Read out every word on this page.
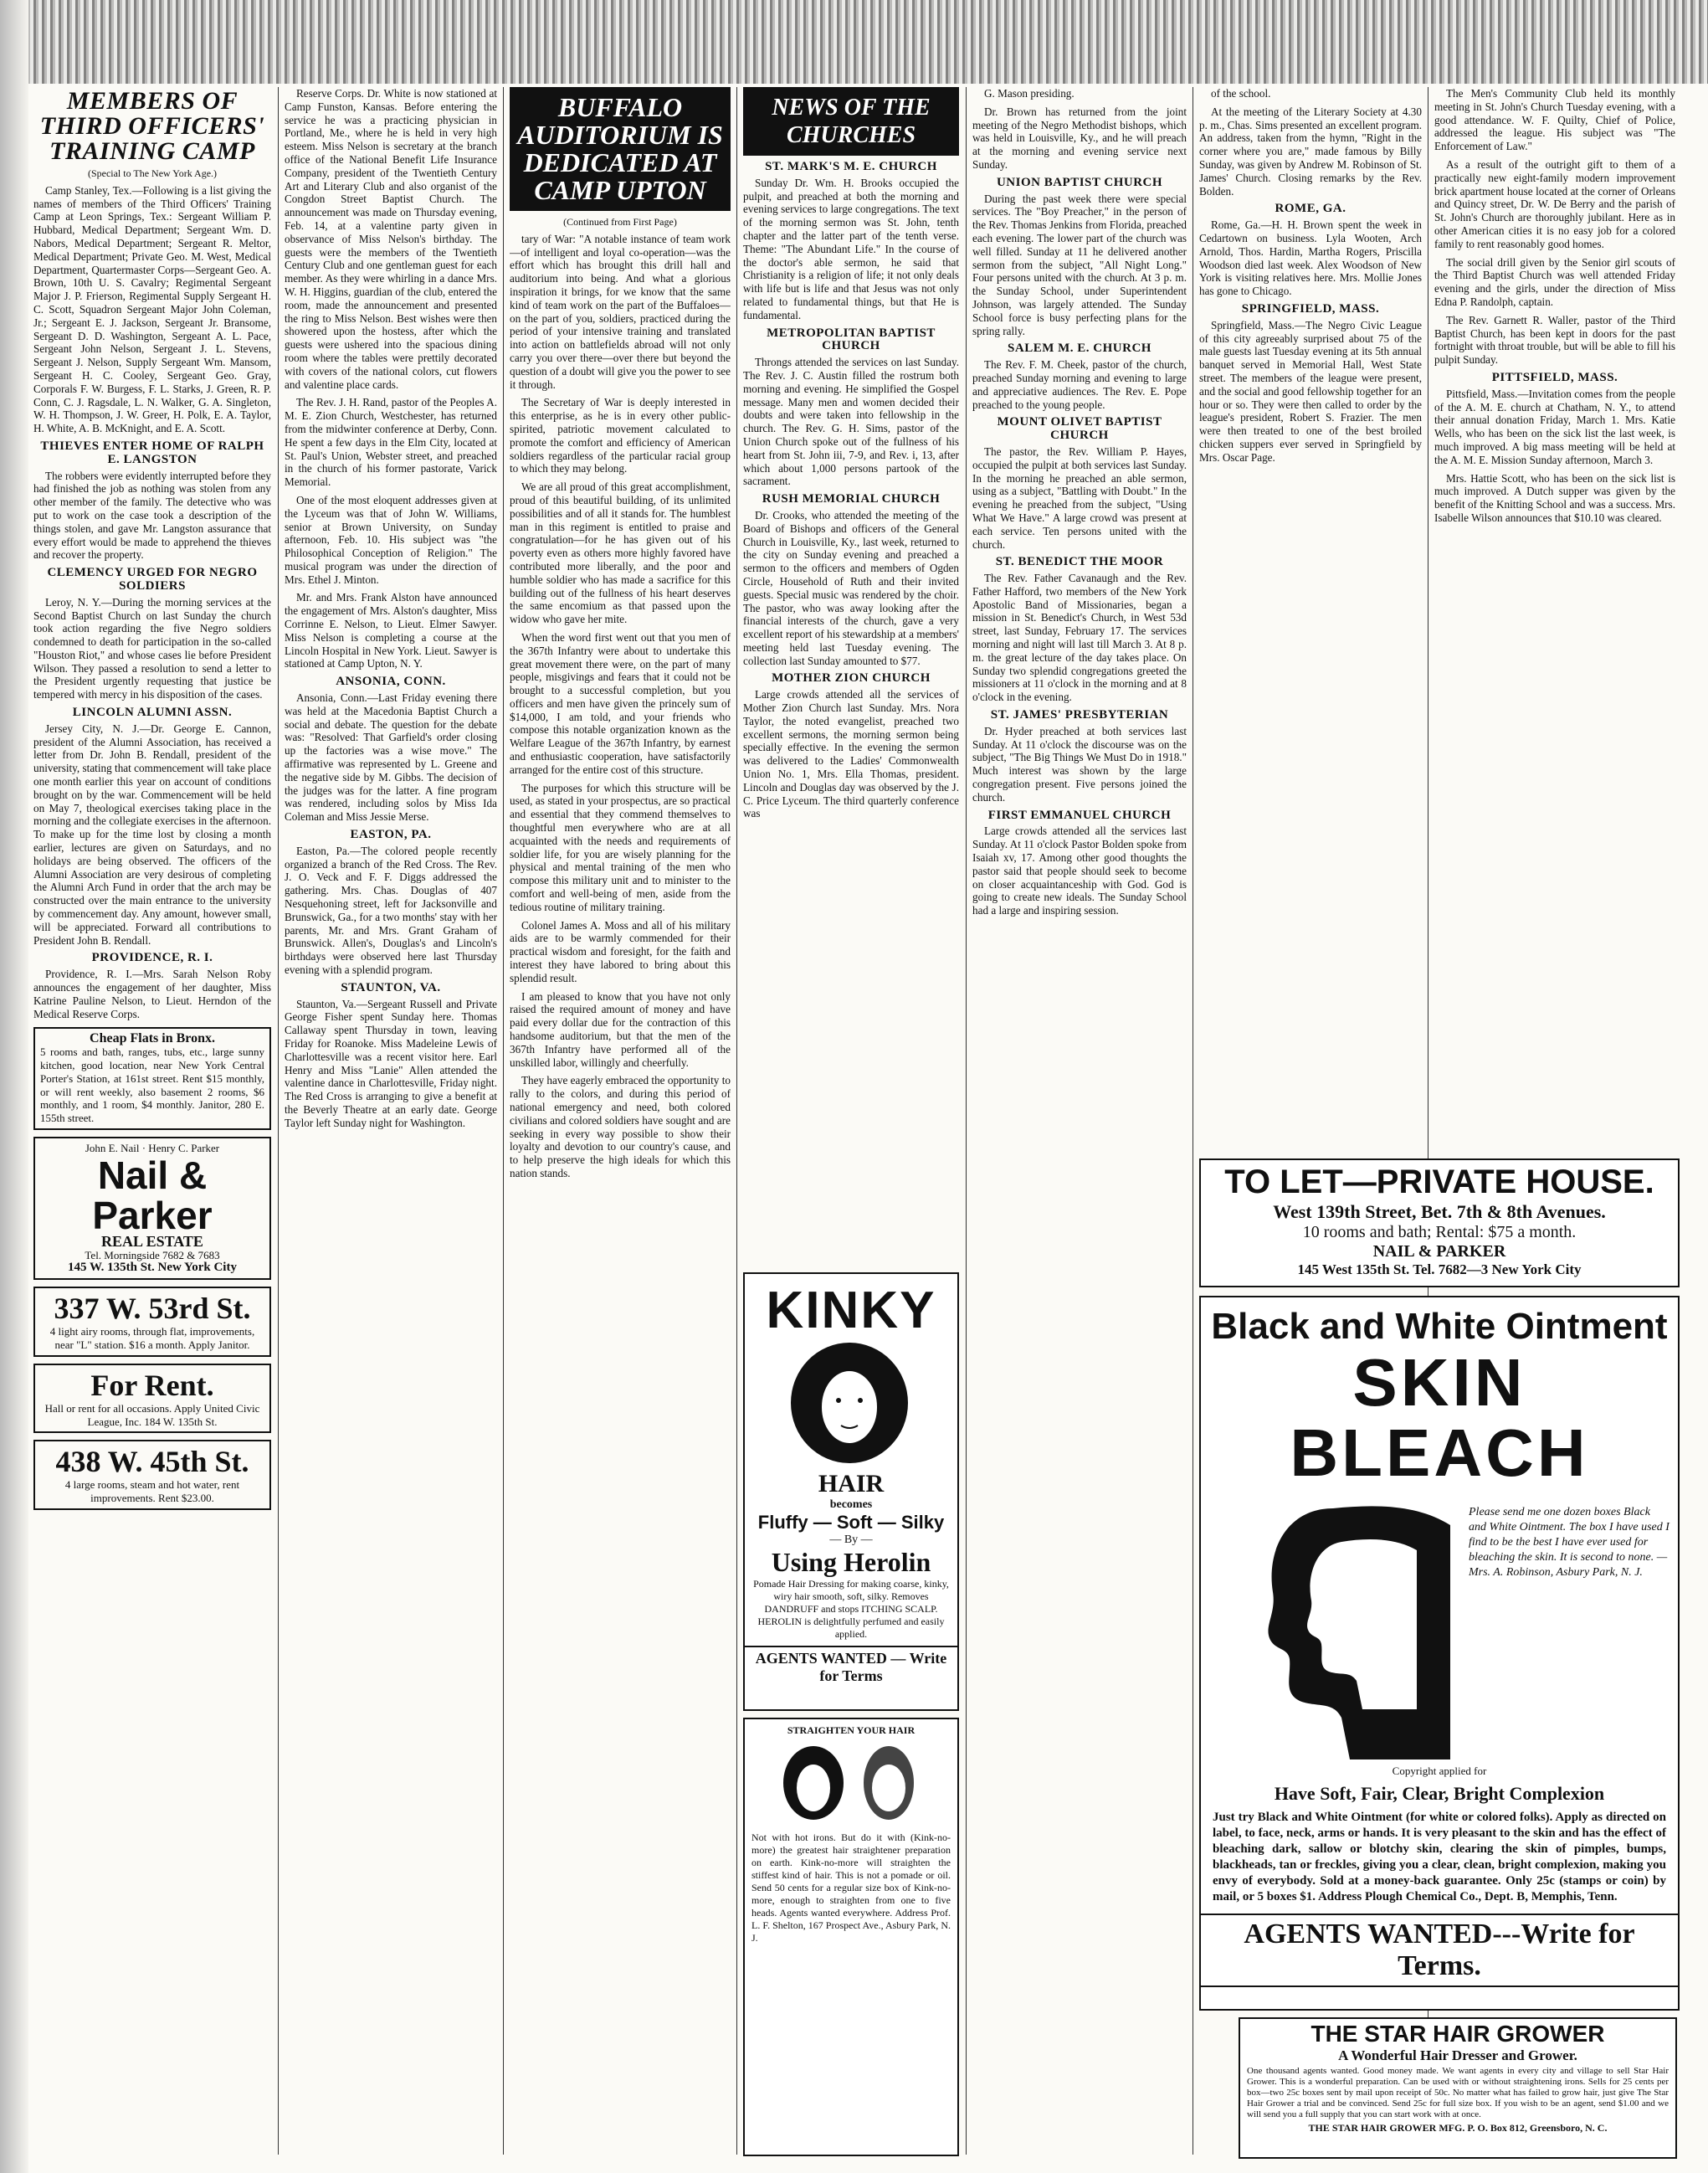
MEMBERS OF THIRD OFFICERS' TRAINING CAMP
(Special to The New York Age.)

Camp Stanley, Tex.—Following is a list giving the names of members of the Third Officers' Training Camp at Leon Springs, Tex.: Sergeant William P. Hubbard, Medical Department; Sergeant Wm. D. Nabors, Medical Department; Sergeant R. Meltor, Medical Department; Private Geo. M. West, Medical Department, Quartermaster Corps—Sergeant Geo. A. Brown, 10th U. S. Cavalry; Regimental Sergeant Major J. P. Frierson, Regimental Supply Sergeant H. C. Scott, Squadron Sergeant Major John Coleman, Jr.; Sergeant E. J. Jackson, Sergeant Jr. Bransome, Sergeant D. D. Washington, Sergeant A. L. Pace, Sergeant John Nelson, Sergeant J. L. Stevens, Sergeant J. Nelson, Supply Sergeant Wm. Mansom, Sergeant H. C. Cooley, Sergeant Geo. Gray, Corporals F. W. Burgess, F. L. Starks, J. Green, R. P. Conn, C. J. Ragsdale, L. N. Walker, G. A. Singleton, W. H. Thompson, J. W. Greer, H. Polk, E. A. Taylor, H. White, A. B. McKnight, and E. A. Scott.

THIEVES ENTER HOME OF RALPH E. LANGSTON

The robbers were evidently interrupted before they had finished the job as nothing was stolen from any other member of the family. The detective who was put to work on the case took a description of the things stolen, and gave Mr. Langston assurance that every effort would be made to apprehend the thieves and recover the property.

CLEMENCY URGED FOR NEGRO SOLDIERS

Leroy, N. Y.—During the morning services at the Second Baptist Church on last Sunday the church took action regarding the five Negro soldiers condemned to death for participation in the so-called "Houston Riot," and whose cases lie before President Wilson. They passed a resolution to send a letter to the President urgently requesting that justice be tempered with mercy in his disposition of the cases.

LINCOLN ALUMNI ASSN.

Jersey City, N. J.—Dr. George E. Cannon, president of the Alumni Association, has received a letter from Dr. John B. Rendall, president of the university, stating that commencement will take place one month earlier this year on account of conditions brought on by the war. Commencement will be held on May 7, theological exercises taking place in the morning and the collegiate exercises in the afternoon. To make up for the time lost by closing a month earlier, lectures are given on Saturdays, and no holidays are being observed. The officers of the Alumni Association are very desirous of completing the Alumni Arch Fund in order that the arch may be constructed over the main entrance to the university by commencement day. Any amount, however small, will be appreciated. Forward all contributions to President John B. Rendall.

PROVIDENCE, R. I.

Providence, R. I.—Mrs. Sarah Nelson Roby announces the engagement of her daughter, Miss Katrine Pauline Nelson, to Lieut. Herndon of the Medical Reserve Corps.

Cheap Flats in Bronx.
5 rooms and bath, ranges, tubs, etc., large sunny kitchen, good location, near New York Central Porter's Station, at 161st street. Rent $15 monthly, or will rent weekly, also basement 2 rooms, $6 monthly, and 1 room, $4 monthly. Janitor, 280 E. 155th street.
John E. Nail · Henry C. Parker
Nail & Parker
REAL ESTATE
Tel. Morningside 7682 & 7683
145 W. 135th St. New York City
337 W. 53rd St.
4 light airy rooms, through flat, improvements, near "L" station. $16 a month. Apply Janitor.
For Rent.
Hall or rent for all occasions. Apply United Civic League, Inc. 184 W. 135th St.
438 W. 45th St.
4 large rooms, steam and hot water, rent improvements. Rent $23.00.

Reserve Corps. Dr. White is now stationed at Camp Funston, Kansas. Before entering the service he was a practicing physician in Portland, Me., where he is held in very high esteem. Miss Nelson is secretary at the branch office of the National Benefit Life Insurance Company, president of the Twentieth Century Art and Literary Club and also organist of the Congdon Street Baptist Church. The announcement was made on Thursday evening, Feb. 14, at a valentine party given in observance of Miss Nelson's birthday. The guests were the members of the Twentieth Century Club and one gentleman guest for each member. As they were whirling in a dance Mrs. W. H. Higgins, guardian of the club, entered the room, made the announcement and presented the ring to Miss Nelson. Best wishes were then showered upon the hostess, after which the guests were ushered into the spacious dining room where the tables were prettily decorated with covers of the national colors, cut flowers and valentine place cards.

The Rev. J. H. Rand, pastor of the Peoples A. M. E. Zion Church, Westchester, has returned from the midwinter conference at Derby, Conn. He spent a few days in the Elm City, located at St. Paul's Union, Webster street, and preached in the church of his former pastorate, Varick Memorial.

One of the most eloquent addresses given at the Lyceum was that of John W. Williams, senior at Brown University, on Sunday afternoon, Feb. 10. His subject was "the Philosophical Conception of Religion." The musical program was under the direction of Mrs. Ethel J. Minton.

Mr. and Mrs. Frank Alston have announced the engagement of Mrs. Alston's daughter, Miss Corrinne E. Nelson, to Lieut. Elmer Sawyer. Miss Nelson is completing a course at the Lincoln Hospital in New York. Lieut. Sawyer is stationed at Camp Upton, N. Y.

ANSONIA, CONN.

Ansonia, Conn.—Last Friday evening there was held at the Macedonia Baptist Church a social and debate. The question for the debate was: "Resolved: That Garfield's order closing up the factories was a wise move." The affirmative was represented by L. Greene and the negative side by M. Gibbs. The decision of the judges was for the latter. A fine program was rendered, including solos by Miss Ida Coleman and Miss Jessie Merse.

EASTON, PA.

Easton, Pa.—The colored people recently organized a branch of the Red Cross. The Rev. J. O. Veck and F. F. Diggs addressed the gathering. Mrs. Chas. Douglas of 407 Nesquehoning street, left for Jacksonville and Brunswick, Ga., for a two months' stay with her parents, Mr. and Mrs. Grant Graham of Brunswick. Allen's, Douglas's and Lincoln's birthdays were observed here last Thursday evening with a splendid program.

STAUNTON, VA.

Staunton, Va.—Sergeant Russell and Private George Fisher spent Sunday here. Thomas Callaway spent Thursday in town, leaving Friday for Roanoke. Miss Madeleine Lewis of Charlottesville was a recent visitor here. Earl Henry and Miss "Lanie" Allen attended the valentine dance in Charlottesville, Friday night. The Red Cross is arranging to give a benefit at the Beverly Theatre at an early date. George Taylor left Sunday night for Washington.

BUFFALO AUDITORIUM IS DEDICATED AT CAMP UPTON
(Continued from First Page)

tary of War: "A notable instance of team work—of intelligent and loyal co-operation—was the effort which has brought this drill hall and auditorium into being. And what a glorious inspiration it brings, for we know that the same kind of team work on the part of the Buffaloes—on the part of you, soldiers, practiced during the period of your intensive training and translated into action on battlefields abroad will not only carry you over there—over there but beyond the question of a doubt will give you the power to see it through.

The Secretary of War is deeply interested in this enterprise, as he is in every other public-spirited, patriotic movement calculated to promote the comfort and efficiency of American soldiers regardless of the particular racial group to which they may belong.

We are all proud of this great accomplishment, proud of this beautiful building, of its unlimited possibilities and of all it stands for. The humblest man in this regiment is entitled to praise and congratulation—for he has given out of his poverty even as others more highly favored have contributed more liberally, and the poor and humble soldier who has made a sacrifice for this building out of the fullness of his heart deserves the same encomium as that passed upon the widow who gave her mite.

When the word first went out that you men of the 367th Infantry were about to undertake this great movement there were, on the part of many people, misgivings and fears that it could not be brought to a successful completion, but you officers and men have given the princely sum of $14,000, I am told, and your friends who compose this notable organization known as the Welfare League of the 367th Infantry, by earnest and enthusiastic cooperation, have satisfactorily arranged for the entire cost of this structure.

The purposes for which this structure will be used, as stated in your prospectus, are so practical and essential that they commend themselves to thoughtful men everywhere who are at all acquainted with the needs and requirements of soldier life, for you are wisely planning for the physical and mental training of the men who compose this military unit and to minister to the comfort and well-being of men, aside from the tedious routine of military training.

Colonel James A. Moss and all of his military aids are to be warmly commended for their practical wisdom and foresight, for the faith and interest they have labored to bring about this splendid result.

I am pleased to know that you have not only raised the required amount of money and have paid every dollar due for the contraction of this handsome auditorium, but that the men of the 367th Infantry have performed all of the unskilled labor, willingly and cheerfully.

They have eagerly embraced the opportunity to rally to the colors, and during this period of national emergency and need, both colored civilians and colored soldiers have sought and are seeking in every way possible to show their loyalty and devotion to our country's cause, and to help preserve the high ideals for which this nation stands.

NEWS OF THE CHURCHES
ST. MARK'S M. E. CHURCH

Sunday Dr. Wm. H. Brooks occupied the pulpit, and preached at both the morning and evening services to large congregations. The text of the morning sermon was St. John, tenth chapter and the latter part of the tenth verse. Theme: "The Abundant Life." In the course of the doctor's able sermon, he said that Christianity is a religion of life; it not only deals with life but is life and that Jesus was not only related to fundamental things, but that He is fundamental.

METROPOLITAN BAPTIST CHURCH

Throngs attended the services on last Sunday. The Rev. J. C. Austin filled the rostrum both morning and evening. He simplified the Gospel message. Many men and women decided their doubts and were taken into fellowship in the church. The Rev. G. H. Sims, pastor of the Union Church spoke out of the fullness of his heart from St. John iii, 7-9, and Rev. i, 13, after which about 1,000 persons partook of the sacrament.

RUSH MEMORIAL CHURCH

Dr. Crooks, who attended the meeting of the Board of Bishops and officers of the General Church in Louisville, Ky., last week, returned to the city on Sunday evening and preached a sermon to the officers and members of Ogden Circle, Household of Ruth and their invited guests. Special music was rendered by the choir. The pastor, who was away looking after the financial interests of the church, gave a very excellent report of his stewardship at a members' meeting held last Tuesday evening. The collection last Sunday amounted to $77.

MOTHER ZION CHURCH

Large crowds attended all the services of Mother Zion Church last Sunday. Mrs. Nora Taylor, the noted evangelist, preached two excellent sermons, the morning sermon being specially effective. In the evening the sermon was delivered to the Ladies' Commonwealth Union No. 1, Mrs. Ella Thomas, president. Lincoln and Douglas day was observed by the J. C. Price Lyceum. The third quarterly conference was

KINKY
HAIR
becomes
Fluffy — Soft — Silky
— By —
Using Herolin
Pomade Hair Dressing for making coarse, kinky, wiry hair smooth, soft, silky. Removes DANDRUFF and stops ITCHING SCALP. HEROLIN is delightfully perfumed and easily applied.
AGENTS WANTED — Write for Terms
STRAIGHTEN YOUR HAIR
Not with hot irons. But do it with (Kink-no-more) the greatest hair straightener preparation on earth. Kink-no-more will straighten the stiffest kind of hair. This is not a pomade or oil. Send 50 cents for a regular size box of Kink-no-more, enough to straighten from one to five heads. Agents wanted everywhere. Address Prof. L. F. Shelton, 167 Prospect Ave., Asbury Park, N. J.

G. Mason presiding.

Dr. Brown has returned from the joint meeting of the Negro Methodist bishops, which was held in Louisville, Ky., and he will preach at the morning and evening service next Sunday.

UNION BAPTIST CHURCH

During the past week there were special services. The "Boy Preacher," in the person of the Rev. Thomas Jenkins from Florida, preached each evening. The lower part of the church was well filled. Sunday at 11 he delivered another sermon from the subject, "All Night Long." Four persons united with the church. At 3 p. m. the Sunday School, under Superintendent Johnson, was largely attended. The Sunday School force is busy perfecting plans for the spring rally.

SALEM M. E. CHURCH

The Rev. F. M. Cheek, pastor of the church, preached Sunday morning and evening to large and appreciative audiences. The Rev. E. Pope preached to the young people.

MOUNT OLIVET BAPTIST CHURCH

The pastor, the Rev. William P. Hayes, occupied the pulpit at both services last Sunday. In the morning he preached an able sermon, using as a subject, "Battling with Doubt." In the evening he preached from the subject, "Using What We Have." A large crowd was present at each service. Ten persons united with the church.

ST. BENEDICT THE MOOR

The Rev. Father Cavanaugh and the Rev. Father Hafford, two members of the New York Apostolic Band of Missionaries, began a mission in St. Benedict's Church, in West 53d street, last Sunday, February 17. The services morning and night will last till March 3. At 8 p. m. the great lecture of the day takes place. On Sunday two splendid congregations greeted the missioners at 11 o'clock in the morning and at 8 o'clock in the evening.

ST. JAMES' PRESBYTERIAN

Dr. Hyder preached at both services last Sunday. At 11 o'clock the discourse was on the subject, "The Big Things We Must Do in 1918." Much interest was shown by the large congregation present. Five persons joined the church.

FIRST EMMANUEL CHURCH

Large crowds attended all the services last Sunday. At 11 o'clock Pastor Bolden spoke from Isaiah xv, 17. Among other good thoughts the pastor said that people should seek to become on closer acquaintanceship with God. God is going to create new ideals. The Sunday School had a large and inspiring session.

of the school.

At the meeting of the Literary Society at 4.30 p. m., Chas. Sims presented an excellent program. An address, taken from the hymn, "Right in the corner where you are," made famous by Billy Sunday, was given by Andrew M. Robinson of St. James' Church. Closing remarks by the Rev. Bolden.

ROME, GA.

Rome, Ga.—H. H. Brown spent the week in Cedartown on business. Lyla Wooten, Arch Arnold, Thos. Hardin, Martha Rogers, Priscilla Woodson died last week. Alex Woodson of New York is visiting relatives here. Mrs. Mollie Jones has gone to Chicago.

SPRINGFIELD, MASS.

Springfield, Mass.—The Negro Civic League of this city agreeably surprised about 75 of the male guests last Tuesday evening at its 5th annual banquet served in Memorial Hall, West State street. The members of the league were present, and the social and good fellowship together for an hour or so. They were then called to order by the league's president, Robert S. Frazier. The men were then treated to one of the best broiled chicken suppers ever served in Springfield by Mrs. Oscar Page.

The Men's Community Club held its monthly meeting in St. John's Church Tuesday evening, with a good attendance. W. F. Quilty, Chief of Police, addressed the league. His subject was "The Enforcement of Law."

As a result of the outright gift to them of a practically new eight-family modern improvement brick apartment house located at the corner of Orleans and Quincy street, Dr. W. De Berry and the parish of St. John's Church are thoroughly jubilant. Here as in other American cities it is no easy job for a colored family to rent reasonably good homes.

The social drill given by the Senior girl scouts of the Third Baptist Church was well attended Friday evening and the girls, under the direction of Miss Edna P. Randolph, captain.

The Rev. Garnett R. Waller, pastor of the Third Baptist Church, has been kept in doors for the past fortnight with throat trouble, but will be able to fill his pulpit Sunday.

PITTSFIELD, MASS.

Pittsfield, Mass.—Invitation comes from the people of the A. M. E. church at Chatham, N. Y., to attend their annual donation Friday, March 1. Mrs. Katie Wells, who has been on the sick list the last week, is much improved. A big mass meeting will be held at the A. M. E. Mission Sunday afternoon, March 3.

Mrs. Hattie Scott, who has been on the sick list is much improved. A Dutch supper was given by the benefit of the Knitting School and was a success. Mrs. Isabelle Wilson announces that $10.10 was cleared.

TO LET—PRIVATE HOUSE.
West 139th Street, Bet. 7th & 8th Avenues.
10 rooms and bath; Rental: $75 a month.
NAIL & PARKER
145 West 135th St. Tel. 7682—3 New York City
Black and White Ointment
SKIN BLEACH
Please send me one dozen boxes Black and White Ointment. The box I have used I find to be the best I have ever used for bleaching the skin. It is second to none. — Mrs. A. Robinson, Asbury Park, N. J.
Copyright applied for
Have Soft, Fair, Clear, Bright Complexion
Just try Black and White Ointment (for white or colored folks). Apply as directed on label, to face, neck, arms or hands. It is very pleasant to the skin and has the effect of bleaching dark, sallow or blotchy skin, clearing the skin of pimples, bumps, blackheads, tan or freckles, giving you a clear, clean, bright complexion, making you envy of everybody. Sold at a money-back guarantee. Only 25c (stamps or coin) by mail, or 5 boxes $1. Address Plough Chemical Co., Dept. B, Memphis, Tenn.
AGENTS WANTED---Write for Terms.
THE STAR HAIR GROWER
A Wonderful Hair Dresser and Grower.
One thousand agents wanted. Good money made. We want agents in every city and village to sell Star Hair Grower. This is a wonderful preparation. Can be used with or without straightening irons. Sells for 25 cents per box—two 25c boxes sent by mail upon receipt of 50c. No matter what has failed to grow hair, just give The Star Hair Grower a trial and be convinced. Send 25c for full size box. If you wish to be an agent, send $1.00 and we will send you a full supply that you can start work with at once.
THE STAR HAIR GROWER MFG. P. O. Box 812, Greensboro, N. C.
